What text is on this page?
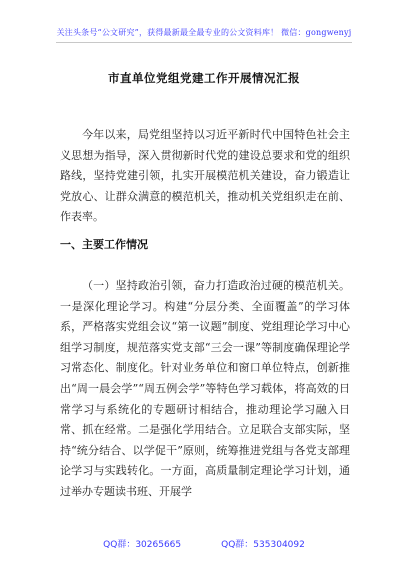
关注头条号“公文研究”，获得最新最全最专业的公文资料库！ 微信：gongwenyj
市直单位党组党建工作开展情况汇报
今年以来，局党组坚持以习近平新时代中国特色社会主义思想为指导，深入贯彻新时代党的建设总要求和党的组织路线，坚持党建引领，扎实开展模范机关建设，奋力锻造让党放心、让群众满意的模范机关，推动机关党组织走在前、作表率。
一、主要工作情况
（一）坚持政治引领，奋力打造政治过硬的模范机关。一是深化理论学习。构建“分层分类、全面覆盖”的学习体系，严格落实党组会议“第一议题”制度、党组理论学习中心组学习制度，规范落实党支部“三会一课”等制度确保理论学习常态化、制度化。针对业务单位和窗口单位特点，创新推出“周一晨会学”“周五例会学”等特色学习载体，将高效的日常学习与系统化的专题研讨相结合，推动理论学习融入日常、抓在经常。二是强化学用结合。立足联合支部实际，坚持“统分结合、以学促干”原则，统筹推进党组与各党支部理论学习与实践转化。一方面，高质量制定理论学习计划，通过举办专题读书班、开展学
QQ群：30265665	QQ群：535304092
